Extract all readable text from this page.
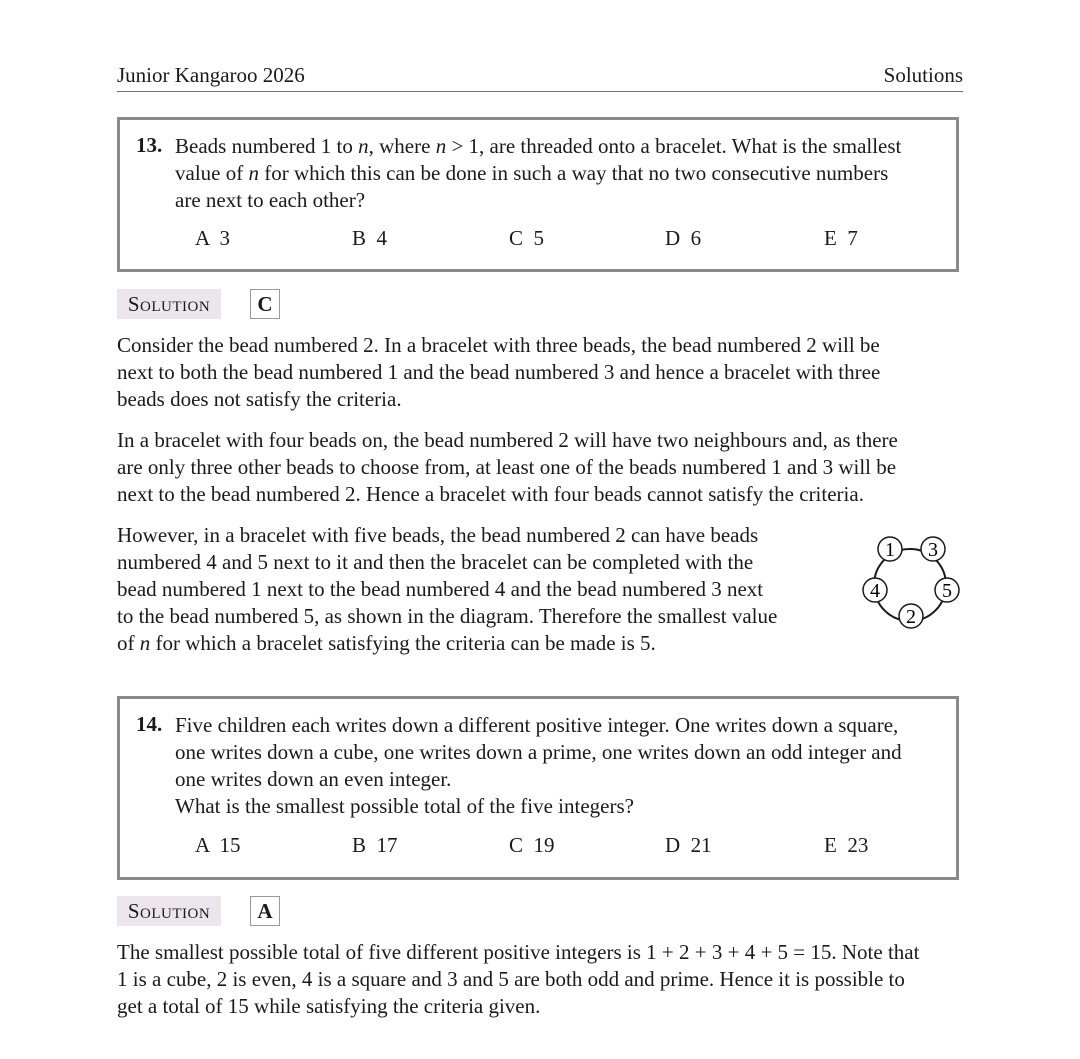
Junior Kangaroo 2026	Solutions
13. Beads numbered 1 to n, where n > 1, are threaded onto a bracelet. What is the smallest
value of n for which this can be done in such a way that no two consecutive numbers
are next to each other?
A  3	B  4	C  5	D  6	E  7
Solution	C
Consider the bead numbered 2. In a bracelet with three beads, the bead numbered 2 will be
next to both the bead numbered 1 and the bead numbered 3 and hence a bracelet with three
beads does not satisfy the criteria.
In a bracelet with four beads on, the bead numbered 2 will have two neighbours and, as there
are only three other beads to choose from, at least one of the beads numbered 1 and 3 will be
next to the bead numbered 2. Hence a bracelet with four beads cannot satisfy the criteria.
However, in a bracelet with five beads, the bead numbered 2 can have beads
numbered 4 and 5 next to it and then the bracelet can be completed with the
bead numbered 1 next to the bead numbered 4 and the bead numbered 3 next
to the bead numbered 5, as shown in the diagram. Therefore the smallest value
of n for which a bracelet satisfying the criteria can be made is 5.
1 3
5
2
4
14. Five children each writes down a different positive integer. One writes down a square,
one writes down a cube, one writes down a prime, one writes down an odd integer and
one writes down an even integer.
What is the smallest possible total of the five integers?
A  15	B  17	C  19	D  21	E  23
Solution	A
The smallest possible total of five different positive integers is 1 + 2 + 3 + 4 + 5 = 15. Note that
1 is a cube, 2 is even, 4 is a square and 3 and 5 are both odd and prime. Hence it is possible to
get a total of 15 while satisfying the criteria given.
